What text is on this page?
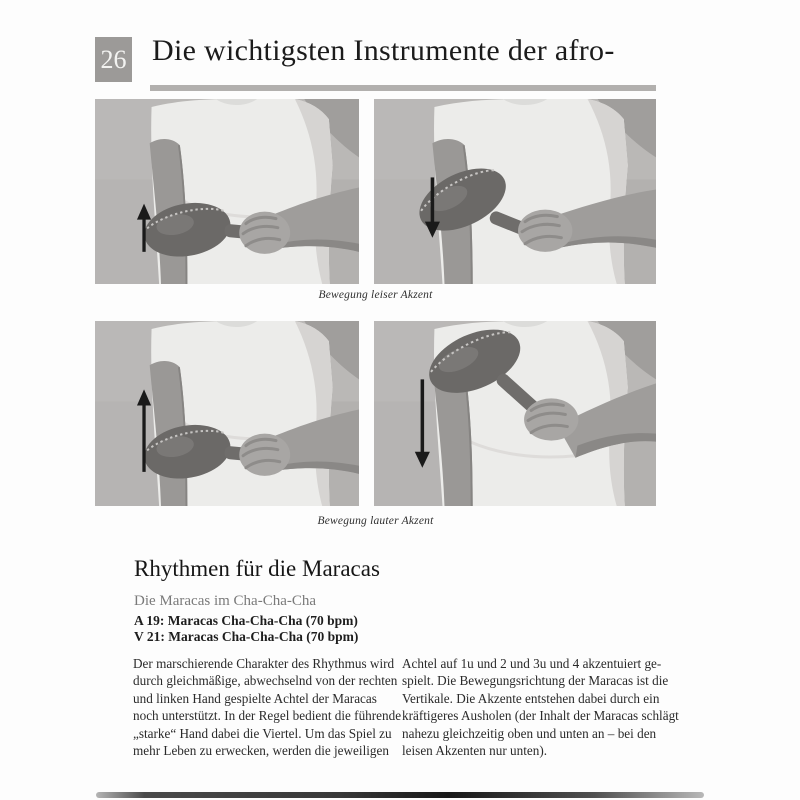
26 Die wichtigsten Instrumente der afro-
Bewegung leiser Akzent
Bewegung lauter Akzent
Rhythmen für die Maracas
Die Maracas im Cha-Cha-Cha
A 19: Maracas Cha-Cha-Cha (70 bpm)
V 21: Maracas Cha-Cha-Cha (70 bpm)
Der marschierende Charakter des Rhythmus wird
durch gleichmäßige, abwechselnd von der rechten
und linken Hand gespielte Achtel der Maracas
noch unterstützt. In der Regel bedient die führende
„starke“ Hand dabei die Viertel. Um das Spiel zu
mehr Leben zu erwecken, werden die jeweiligen
Achtel auf 1u und 2 und 3u und 4 akzentuiert ge-
spielt. Die Bewegungsrichtung der Maracas ist die
Vertikale. Die Akzente entstehen dabei durch ein
kräftigeres Ausholen (der Inhalt der Maracas schlägt
nahezu gleichzeitig oben und unten an – bei den
leisen Akzenten nur unten).
